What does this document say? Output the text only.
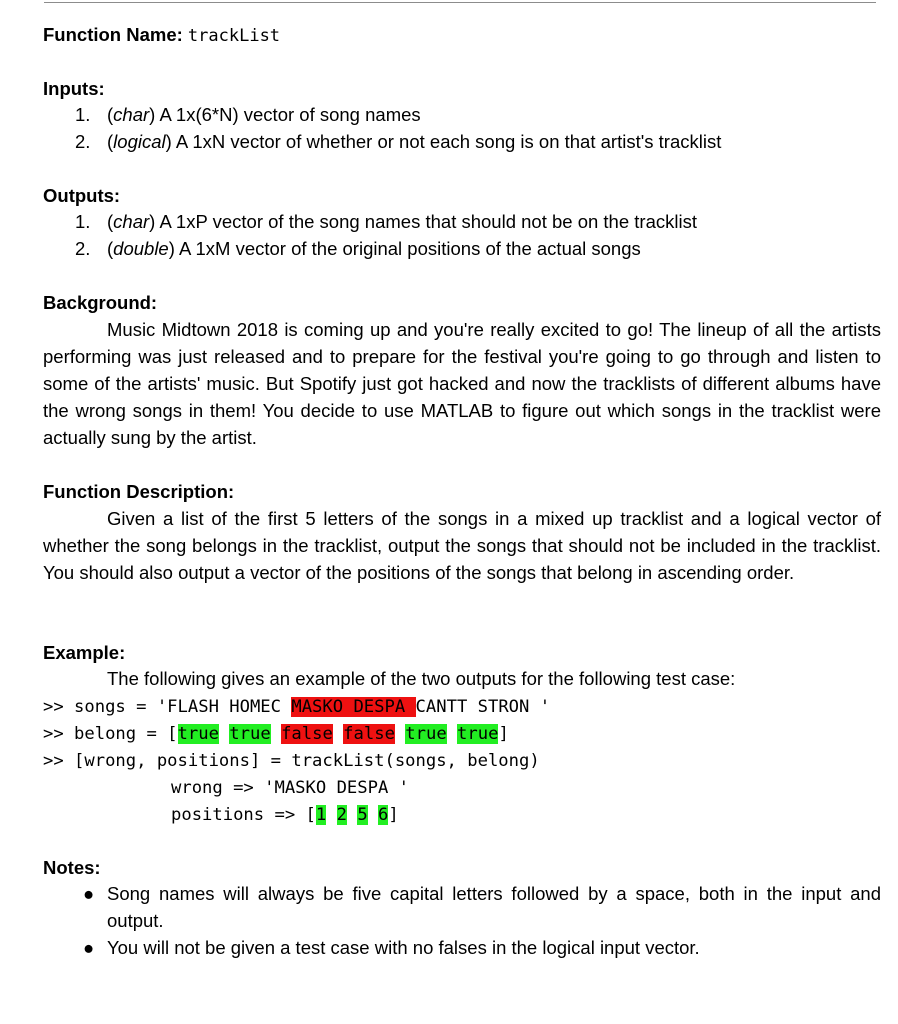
Function Name: trackList
Inputs:
1. (char) A 1x(6*N) vector of song names
2. (logical) A 1xN vector of whether or not each song is on that artist's tracklist
Outputs:
1. (char) A 1xP vector of the song names that should not be on the tracklist
2. (double) A 1xM vector of the original positions of the actual songs
Background:

Music Midtown 2018 is coming up and you're really excited to go! The lineup of all the artists performing was just released and to prepare for the festival you're going to go through and listen to some of the artists' music. But Spotify just got hacked and now the tracklists of different albums have the wrong songs in them! You decide to use MATLAB to figure out which songs in the tracklist were actually sung by the artist.

Function Description:

Given a list of the first 5 letters of the songs in a mixed up tracklist and a logical vector of whether the song belongs in the tracklist, output the songs that should not be included in the tracklist. You should also output a vector of the positions of the songs that belong in ascending order.

Example:
The following gives an example of the two outputs for the following test case:
>> songs = 'FLASH HOMEC MASKO DESPA CANTT STRON '
>> belong = [true true false false true true]
>> [wrong, positions] = trackList(songs, belong)
wrong => 'MASKO DESPA '
positions => [1 2 5 6]
Notes:
● Song names will always be five capital letters followed by a space, both in the input and output.
● You will not be given a test case with no falses in the logical input vector.
